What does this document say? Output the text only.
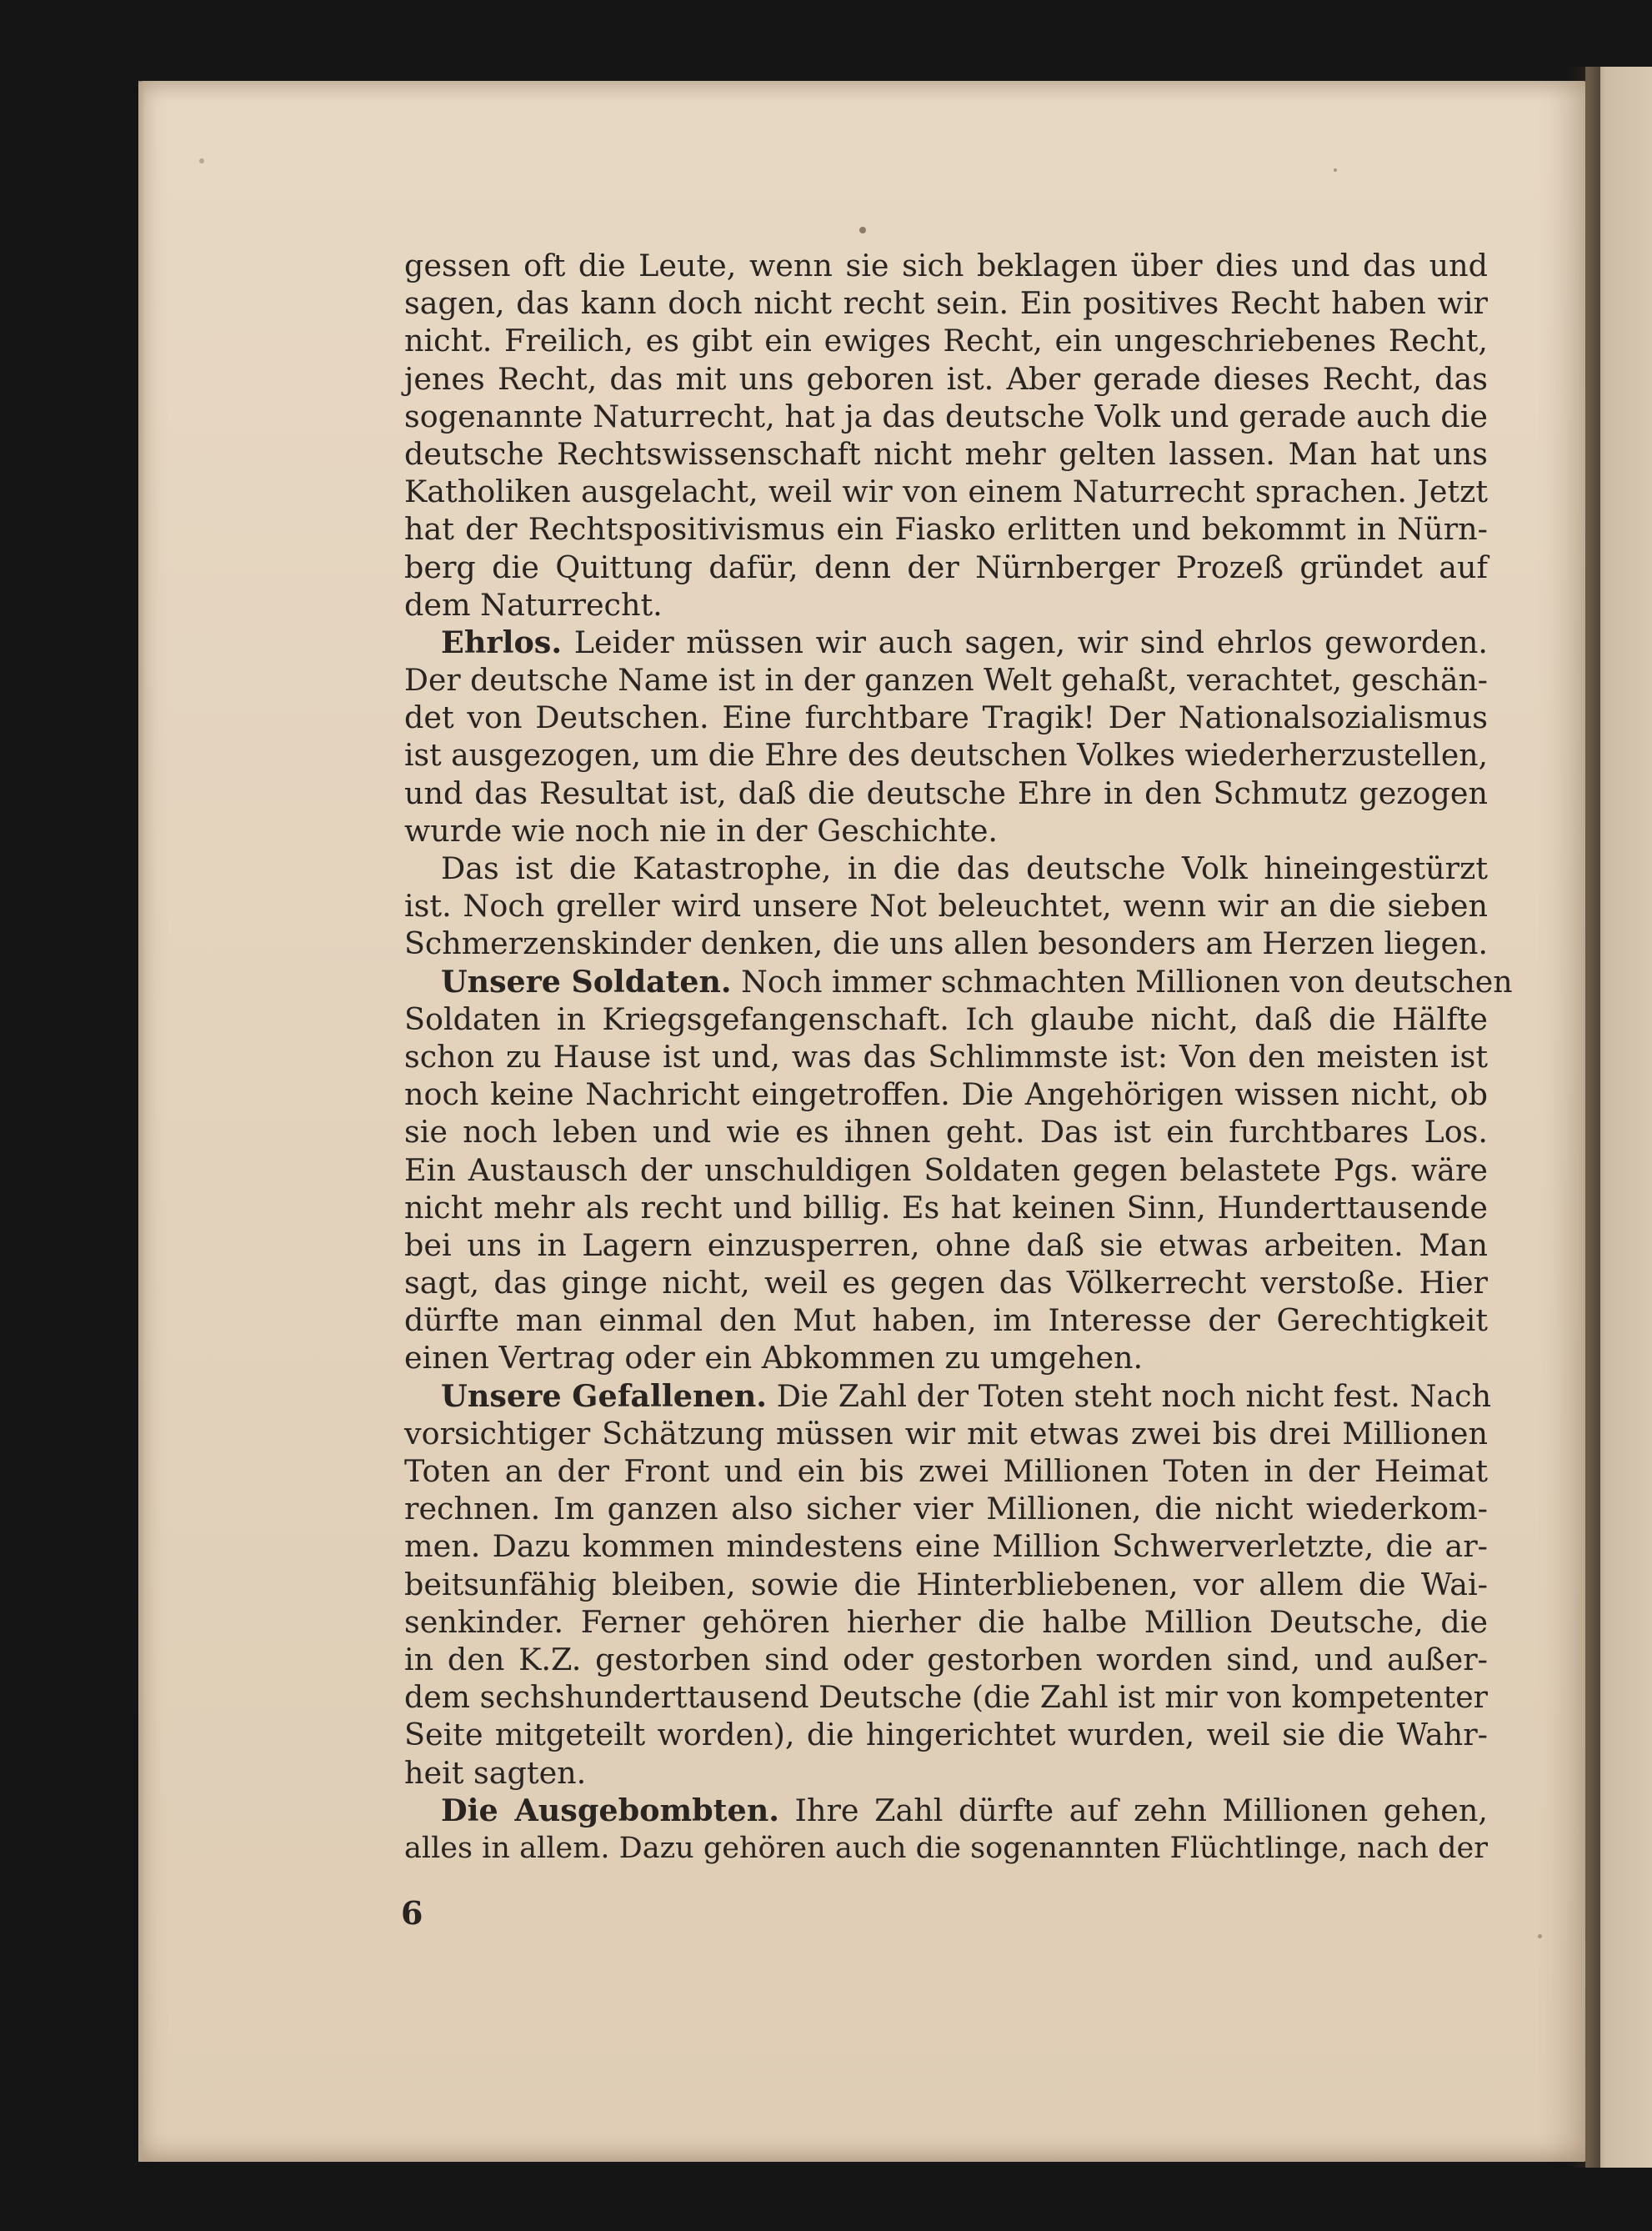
gessen oft die Leute, wenn sie sich beklagen über dies und das und
sagen, das kann doch nicht recht sein. Ein positives Recht haben wir
nicht. Freilich, es gibt ein ewiges Recht, ein ungeschriebenes Recht,
jenes Recht, das mit uns geboren ist. Aber gerade dieses Recht, das
sogenannte Naturrecht, hat ja das deutsche Volk und gerade auch die
deutsche Rechtswissenschaft nicht mehr gelten lassen. Man hat uns
Katholiken ausgelacht, weil wir von einem Naturrecht sprachen. Jetzt
hat der Rechtspositivismus ein Fiasko erlitten und bekommt in Nürn-
berg die Quittung dafür, denn der Nürnberger Prozeß gründet auf
dem Naturrecht.
Ehrlos. Leider müssen wir auch sagen, wir sind ehrlos geworden.
Der deutsche Name ist in der ganzen Welt gehaßt, verachtet, geschän-
det von Deutschen. Eine furchtbare Tragik! Der Nationalsozialismus
ist ausgezogen, um die Ehre des deutschen Volkes wiederherzustellen,
und das Resultat ist, daß die deutsche Ehre in den Schmutz gezogen
wurde wie noch nie in der Geschichte.
Das ist die Katastrophe, in die das deutsche Volk hineingestürzt
ist. Noch greller wird unsere Not beleuchtet, wenn wir an die sieben
Schmerzenskinder denken, die uns allen besonders am Herzen liegen.
Unsere Soldaten. Noch immer schmachten Millionen von deutschen
Soldaten in Kriegsgefangenschaft. Ich glaube nicht, daß die Hälfte
schon zu Hause ist und, was das Schlimmste ist: Von den meisten ist
noch keine Nachricht eingetroffen. Die Angehörigen wissen nicht, ob
sie noch leben und wie es ihnen geht. Das ist ein furchtbares Los.
Ein Austausch der unschuldigen Soldaten gegen belastete Pgs. wäre
nicht mehr als recht und billig. Es hat keinen Sinn, Hunderttausende
bei uns in Lagern einzusperren, ohne daß sie etwas arbeiten. Man
sagt, das ginge nicht, weil es gegen das Völkerrecht verstoße. Hier
dürfte man einmal den Mut haben, im Interesse der Gerechtigkeit
einen Vertrag oder ein Abkommen zu umgehen.
Unsere Gefallenen. Die Zahl der Toten steht noch nicht fest. Nach
vorsichtiger Schätzung müssen wir mit etwas zwei bis drei Millionen
Toten an der Front und ein bis zwei Millionen Toten in der Heimat
rechnen. Im ganzen also sicher vier Millionen, die nicht wiederkom-
men. Dazu kommen mindestens eine Million Schwerverletzte, die ar-
beitsunfähig bleiben, sowie die Hinterbliebenen, vor allem die Wai-
senkinder. Ferner gehören hierher die halbe Million Deutsche, die
in den K.Z. gestorben sind oder gestorben worden sind, und außer-
dem sechshunderttausend Deutsche (die Zahl ist mir von kompetenter
Seite mitgeteilt worden), die hingerichtet wurden, weil sie die Wahr-
heit sagten.
Die Ausgebombten. Ihre Zahl dürfte auf zehn Millionen gehen,
alles in allem. Dazu gehören auch die sogenannten Flüchtlinge, nach der
6
